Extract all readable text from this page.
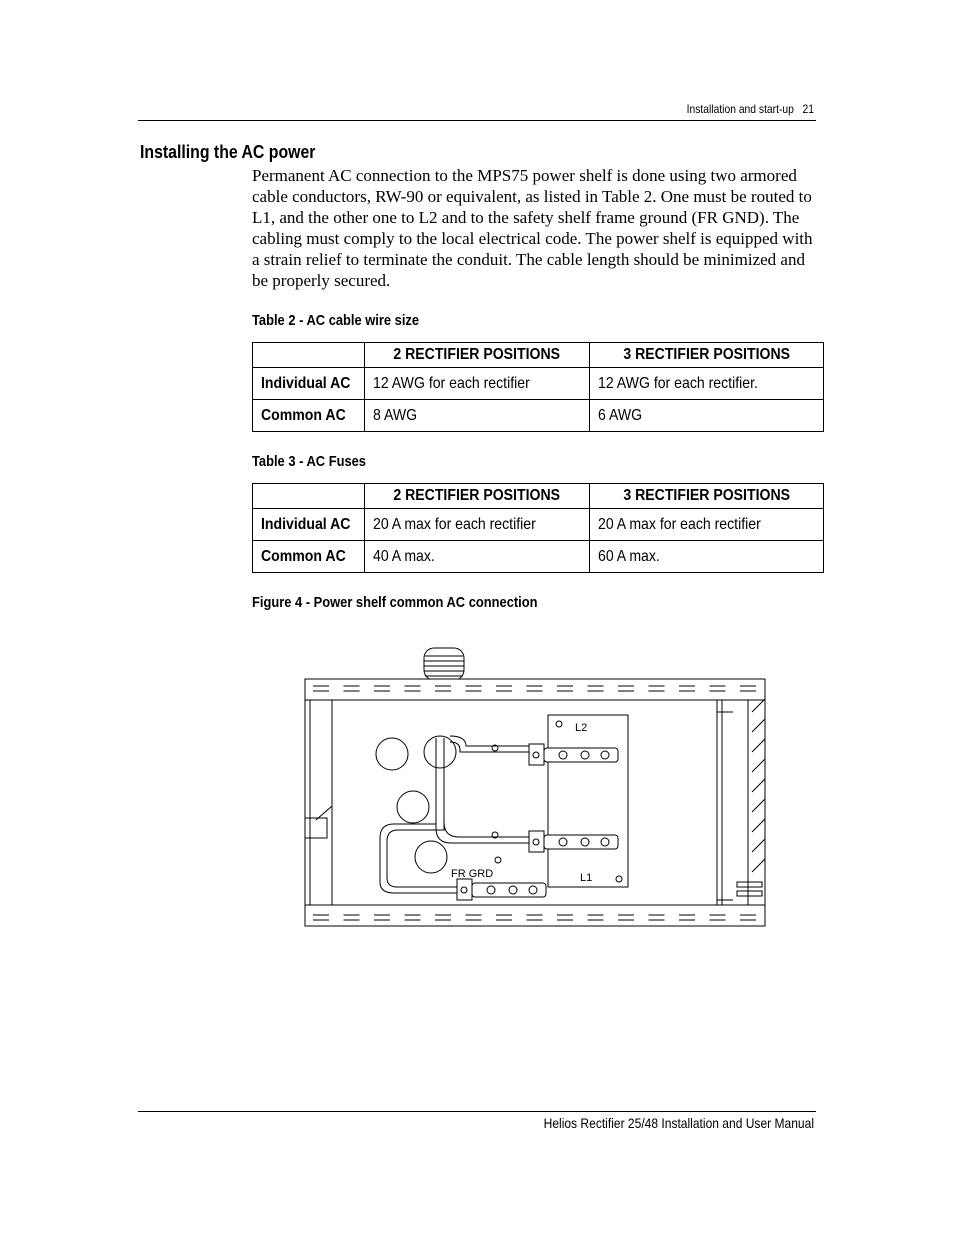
Installation and start-up 21
Installing the AC power
Permanent AC connection to the MPS75 power shelf is done using two armored cable conductors, RW-90 or equivalent, as listed in Table 2. One must be routed to L1, and the other one to L2 and to the safety shelf frame ground (FR GND). The cabling must comply to the local electrical code. The power shelf is equipped with a strain relief to terminate the conduit. The cable length should be minimized and be properly secured.
Table 2 - AC cable wire size
	2 RECTIFIER POSITIONS	3 RECTIFIER POSITIONS
Individual AC	12 AWG for each rectifier	12 AWG for each rectifier.
Common AC	8 AWG	6 AWG
Table 3 - AC Fuses
	2 RECTIFIER POSITIONS	3 RECTIFIER POSITIONS
Individual AC	20 A max for each rectifier	20 A max for each rectifier
Common AC	40 A max.	60 A max.
Figure 4 - Power shelf common AC connection
L2
L1
FR GRD
Helios Rectifier 25/48 Installation and User Manual
